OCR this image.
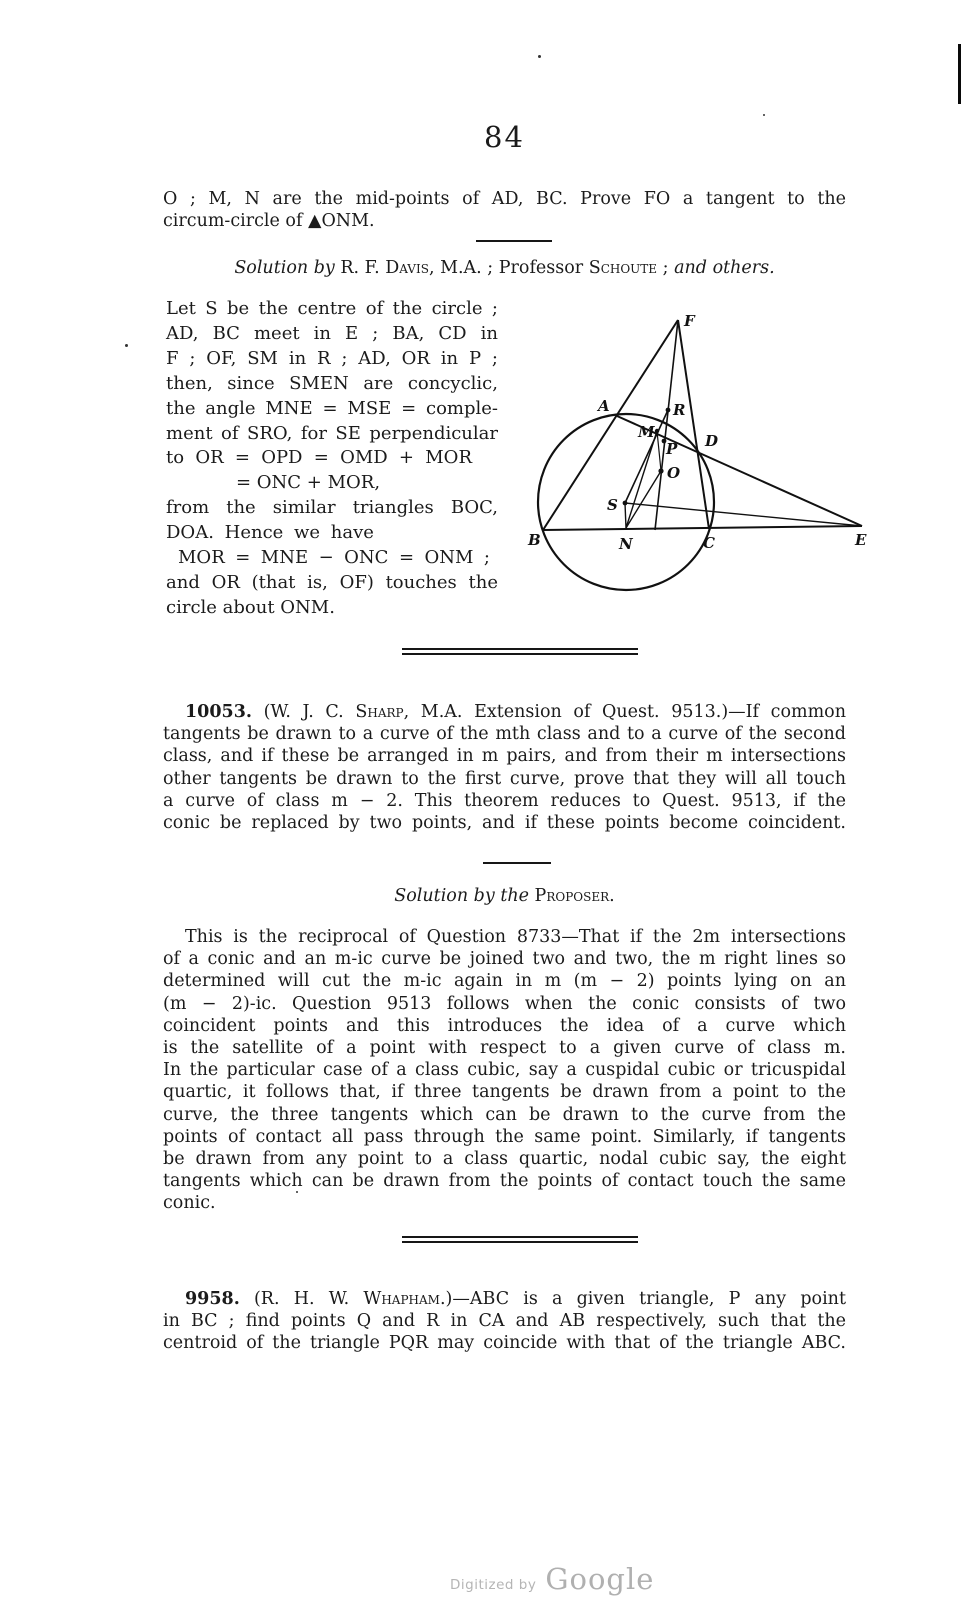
84
O ; M, N are the mid-points of AD, BC. Prove FO a tangent to the
circum-circle of ▲ONM.
Solution by R. F. Davis, M.A. ; Professor Schoute ; and others.
Let S be the centre of the circle ;
AD, BC meet in E ; BA, CD in
F ; OF, SM in R ; AD, OR in P ;
then, since SMEN are concyclic,
the angle MNE = MSE = comple-
ment of SRO, for SE perpendicular
to OR = OPD = OMD + MOR
= ONC + MOR,
from the similar triangles BOC,
DOA. Hence we have
MOR = MNE − ONC = ONM ;
and OR (that is, OF) touches the
circle about ONM.
F
A	R
M
P D
O
S
B	N	C	E
10053. (W. J. C. Sharp, M.A. Extension of Quest. 9513.)—If common
tangents be drawn to a curve of the mth class and to a curve of the second
class, and if these be arranged in m pairs, and from their m intersections
other tangents be drawn to the first curve, prove that they will all touch
a curve of class m − 2. This theorem reduces to Quest. 9513, if the
conic be replaced by two points, and if these points become coincident.
Solution by the Proposer.
This is the reciprocal of Question 8733—That if the 2m intersections
of a conic and an m-ic curve be joined two and two, the m right lines so
determined will cut the m-ic again in m (m − 2) points lying on an
(m − 2)-ic. Question 9513 follows when the conic consists of two
coincident points and this introduces the idea of a curve which
is the satellite of a point with respect to a given curve of class m.
In the particular case of a class cubic, say a cuspidal cubic or tricuspidal
quartic, it follows that, if three tangents be drawn from a point to the
curve, the three tangents which can be drawn to the curve from the
points of contact all pass through the same point. Similarly, if tangents
be drawn from any point to a class quartic, nodal cubic say, the eight
tangents which can be drawn from the points of contact touch the same
conic.
9958. (R. H. W. Whapham.)—ABC is a given triangle, P any point
in BC ; find points Q and R in CA and AB respectively, such that the
centroid of the triangle PQR may coincide with that of the triangle ABC.
Digitized by Google
